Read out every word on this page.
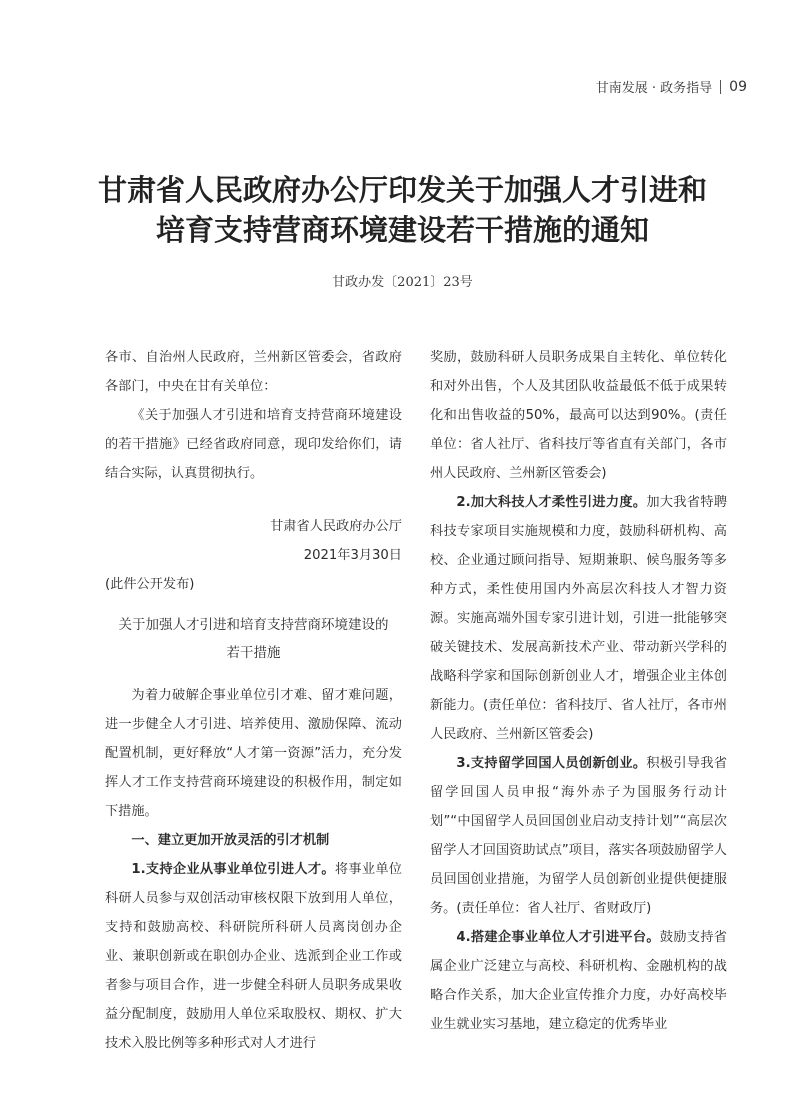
甘南发展 · 政务指导 09
甘肃省人民政府办公厅印发关于加强人才引进和
培育支持营商环境建设若干措施的通知
甘政办发〔2021〕23号

各市、自治州人民政府，兰州新区管委会，省政府各部门，中央在甘有关单位：

《关于加强人才引进和培育支持营商环境建设的若干措施》已经省政府同意，现印发给你们，请结合实际，认真贯彻执行。

甘肃省人民政府办公厅

2021年3月30日

(此件公开发布)

关于加强人才引进和培育支持营商环境建设的
若干措施

为着力破解企事业单位引才难、留才难问题，进一步健全人才引进、培养使用、激励保障、流动配置机制，更好释放“人才第一资源”活力，充分发挥人才工作支持营商环境建设的积极作用，制定如下措施。

一、建立更加开放灵活的引才机制

1.支持企业从事业单位引进人才。将事业单位科研人员参与双创活动审核权限下放到用人单位，支持和鼓励高校、科研院所科研人员离岗创办企业、兼职创新或在职创办企业、选派到企业工作或者参与项目合作，进一步健全科研人员职务成果收益分配制度，鼓励用人单位采取股权、期权、扩大技术入股比例等多种形式对人才进行

奖励，鼓励科研人员职务成果自主转化、单位转化和对外出售，个人及其团队收益最低不低于成果转化和出售收益的50%，最高可以达到90%。(责任单位：省人社厅、省科技厅等省直有关部门，各市州人民政府、兰州新区管委会)

2.加大科技人才柔性引进力度。加大我省特聘科技专家项目实施规模和力度，鼓励科研机构、高校、企业通过顾问指导、短期兼职、候鸟服务等多种方式，柔性使用国内外高层次科技人才智力资源。实施高端外国专家引进计划，引进一批能够突破关键技术、发展高新技术产业、带动新兴学科的战略科学家和国际创新创业人才，增强企业主体创新能力。(责任单位：省科技厅、省人社厅，各市州人民政府、兰州新区管委会)

3.支持留学回国人员创新创业。积极引导我省留学回国人员申报“海外赤子为国服务行动计划”“中国留学人员回国创业启动支持计划”“高层次留学人才回国资助试点”项目，落实各项鼓励留学人员回国创业措施，为留学人员创新创业提供便捷服务。(责任单位：省人社厅、省财政厅)

4.搭建企事业单位人才引进平台。鼓励支持省属企业广泛建立与高校、科研机构、金融机构的战略合作关系，加大企业宣传推介力度，办好高校毕业生就业实习基地，建立稳定的优秀毕业
